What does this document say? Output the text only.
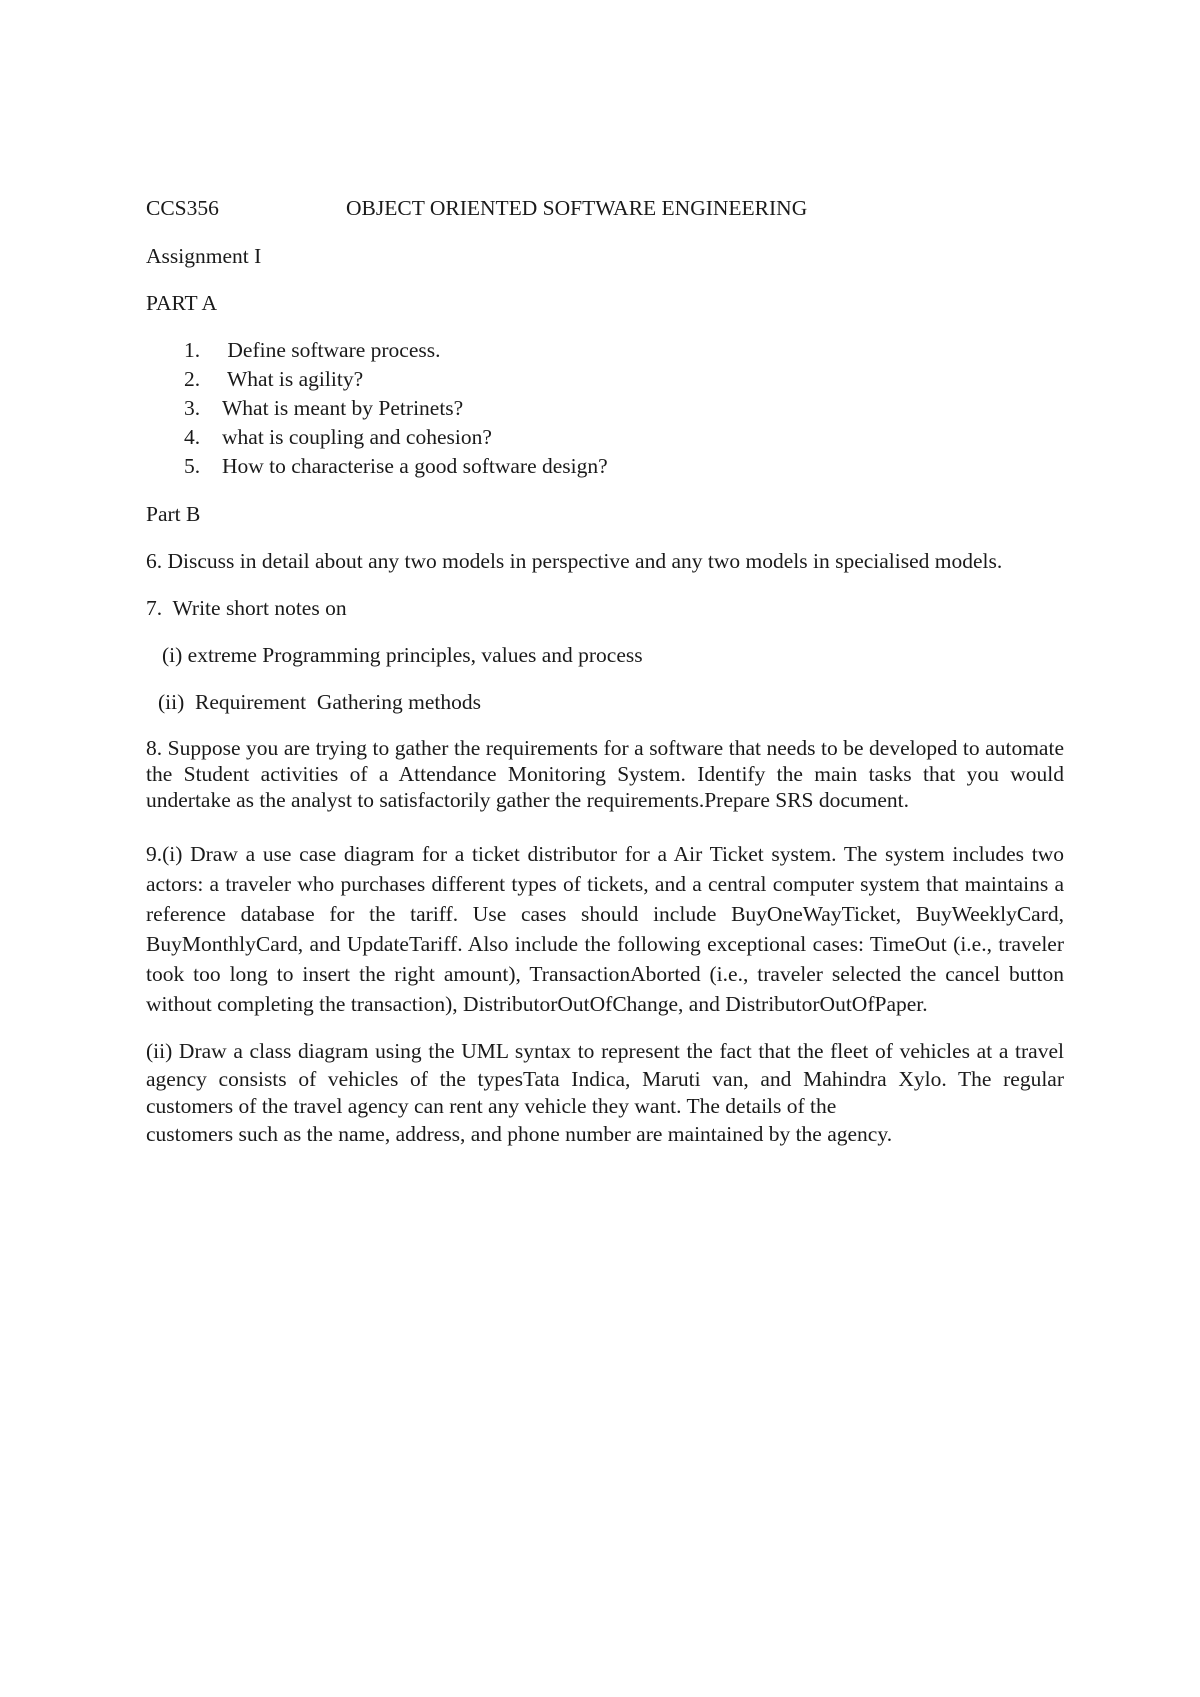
CCS356	OBJECT ORIENTED SOFTWARE ENGINEERING

Assignment I

PART A

1.	Define software process.
2.	What is agility?
3.	What is meant by Petrinets?
4.	what is coupling and cohesion?
5.	How to characterise a good software design?

Part B

6. Discuss in detail about any two models in perspective and any two models in specialised models.

7.  Write short notes on

(i) extreme Programming principles, values and process

(ii)  Requirement  Gathering methods

8. Suppose you are trying to gather the requirements for a software that needs to be developed to automate the Student activities of a Attendance Monitoring System. Identify the main tasks that you would undertake as the analyst to satisfactorily gather the requirements.Prepare SRS document.

9.(i) Draw a use case diagram for a ticket distributor for a Air Ticket system. The system includes two actors: a traveler who purchases different types of tickets, and a central computer system that maintains a reference database for the tariff. Use cases should include BuyOneWayTicket, BuyWeeklyCard, BuyMonthlyCard, and UpdateTariff. Also include the following exceptional cases: TimeOut (i.e., traveler took too long to insert the right amount), TransactionAborted (i.e., traveler selected the cancel button without completing the transaction), DistributorOutOfChange, and DistributorOutOfPaper.

(ii) Draw a class diagram using the UML syntax to represent the fact that the fleet of vehicles at a travel agency consists of vehicles of the typesTata Indica, Maruti van, and Mahindra Xylo. The regular customers of the travel agency can rent any vehicle they want. The details of the

customers such as the name, address, and phone number are maintained by the agency.
